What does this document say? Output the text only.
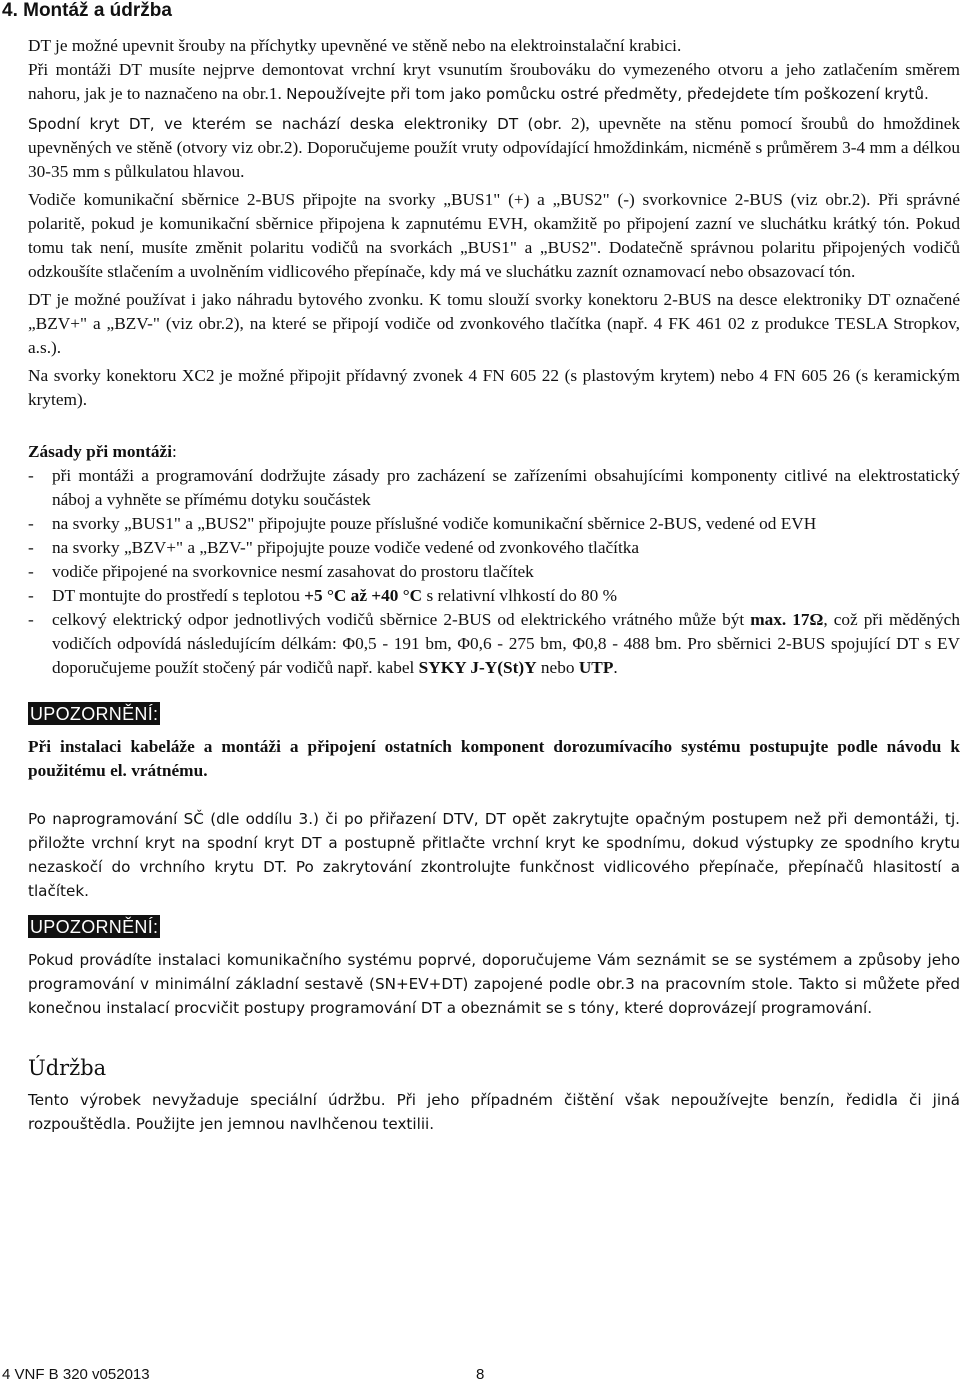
4. Montáž a údržba

DT je možné upevnit šrouby na příchytky upevněné ve stěně nebo na elektroinstalační krabici.

Při montáži DT musíte nejprve demontovat vrchní kryt vsunutím šroubováku do vymezeného otvoru a jeho zatlačením směrem nahoru, jak je to naznačeno na obr.1. Nepoužívejte při tom jako pomůcku ostré předměty, předejdete tím poškození krytů.

Spodní kryt DT, ve kterém se nachází deska elektroniky DT (obr. 2), upevněte na stěnu pomocí šroubů do hmoždinek upevněných ve stěně (otvory viz obr.2). Doporučujeme použít vruty odpovídající hmoždinkám, nicméně s průměrem 3-4 mm a délkou 30-35 mm s půlkulatou hlavou.

Vodiče komunikační sběrnice 2-BUS připojte na svorky „BUS1" (+) a „BUS2" (-) svorkovnice 2-BUS (viz obr.2). Při správné polaritě, pokud je komunikační sběrnice připojena k zapnutému EVH, okamžitě po připojení zazní ve sluchátku krátký tón. Pokud tomu tak není, musíte změnit polaritu vodičů na svorkách „BUS1" a „BUS2". Dodatečně správnou polaritu připojených vodičů odzkoušíte stlačením a uvolněním vidlicového přepínače, kdy má ve sluchátku zaznít oznamovací nebo obsazovací tón.

DT je možné používat i jako náhradu bytového zvonku. K tomu slouží svorky konektoru 2-BUS na desce elektroniky DT označené „BZV+" a „BZV-" (viz obr.2), na které se připojí vodiče od zvonkového tlačítka (např. 4 FK 461 02 z produkce TESLA Stropkov, a.s.).

Na svorky konektoru XC2 je možné připojit přídavný zvonek 4 FN 605 22 (s plastovým krytem) nebo 4 FN 605 26 (s keramickým krytem).

Zásady při montáži:

- při montáži a programování dodržujte zásady pro zacházení se zařízeními obsahujícími komponenty citlivé na elektrostatický náboj a vyhněte se přímému dotyku součástek
- na svorky „BUS1" a „BUS2" připojujte pouze příslušné vodiče komunikační sběrnice 2-BUS, vedené od EVH
- na svorky „BZV+" a „BZV-" připojujte pouze vodiče vedené od zvonkového tlačítka
- vodiče připojené na svorkovnice nesmí zasahovat do prostoru tlačítek
- DT montujte do prostředí s teplotou +5 °C až +40 °C s relativní vlhkostí do 80 %
- celkový elektrický odpor jednotlivých vodičů sběrnice 2-BUS od elektrického vrátného může být max. 17Ω, což při měděných vodičích odpovídá následujícím délkám: Φ0,5 - 191 bm, Φ0,6 - 275 bm, Φ0,8 - 488 bm. Pro sběrnici 2-BUS spojující DT s EV doporučujeme použít stočený pár vodičů např. kabel SYKY J-Y(St)Y nebo UTP.
UPOZORNĚNÍ:

Při instalaci kabeláže a montáži a připojení ostatních komponent dorozumívacího systému postupujte podle návodu k použitému el. vrátnému.

Po naprogramování SČ (dle oddílu 3.) či po přiřazení DTV, DT opět zakrytujte opačným postupem než při demontáži, tj. přiložte vrchní kryt na spodní kryt DT a postupně přitlačte vrchní kryt ke spodnímu, dokud výstupky ze spodního krytu nezaskočí do vrchního krytu DT. Po zakrytování zkontrolujte funkčnost vidlicového přepínače, přepínačů hlasitostí a tlačítek.

UPOZORNĚNÍ:

Pokud provádíte instalaci komunikačního systému poprvé, doporučujeme Vám seznámit se se systémem a způsoby jeho programování v minimální základní sestavě (SN+EV+DT) zapojené podle obr.3 na pracovním stole. Takto si můžete před konečnou instalací procvičit postupy programování DT a obeznámit se s tóny, které doprovázejí programování.

Údržba

Tento výrobek nevyžaduje speciální údržbu. Při jeho případném čištění však nepoužívejte benzín, ředidla či jiná rozpouštědla. Použijte jen jemnou navlhčenou textilii.

4 VNF B 320 v052013	8
